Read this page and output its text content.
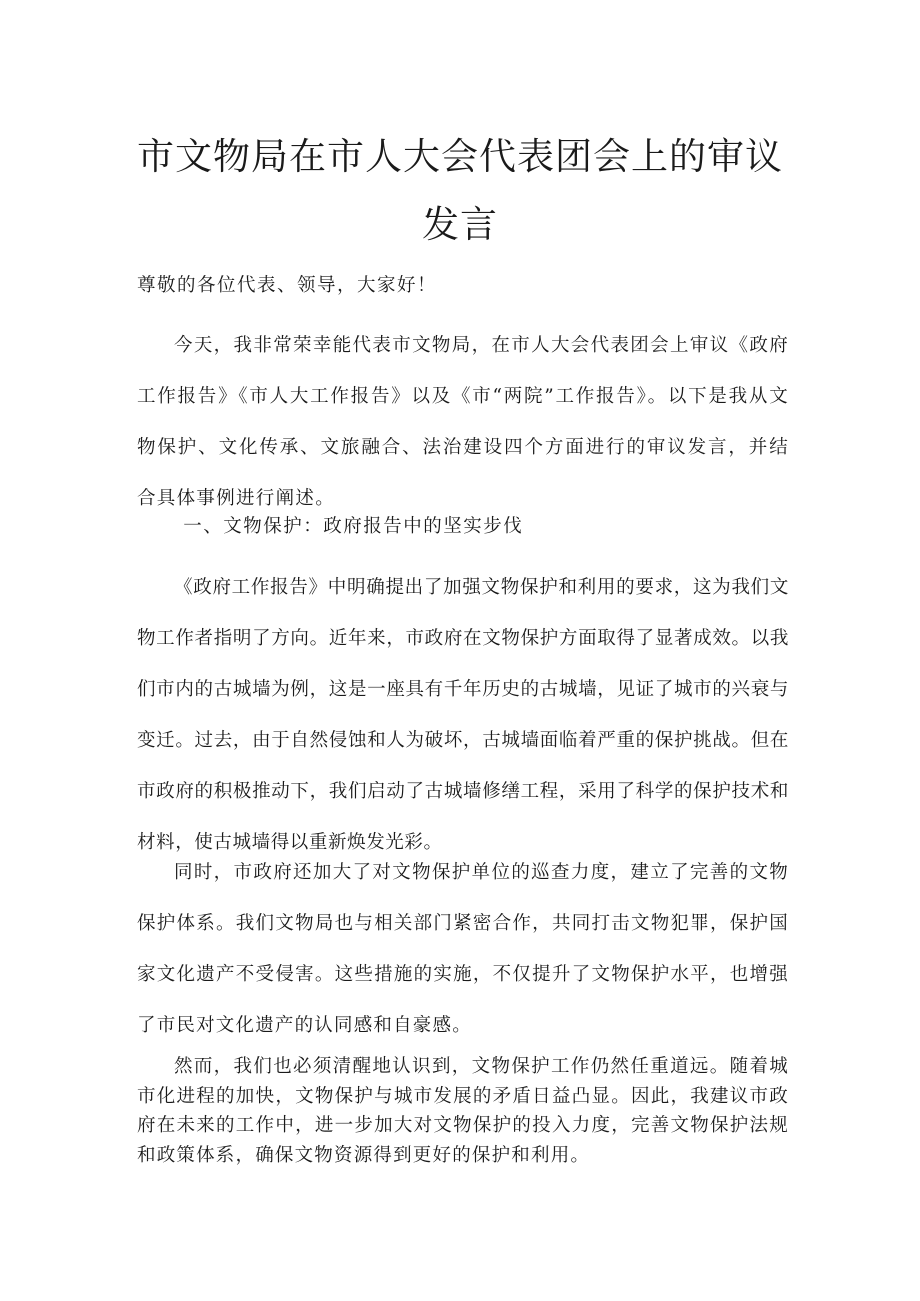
市文物局在市人大会代表团会上的审议
发言
尊敬的各位代表、领导，大家好！

今天，我非常荣幸能代表市文物局，在市人大会代表团会上审议《政府工作报告》《市人大工作报告》以及《市“两院”工作报告》。以下是我从文物保护、文化传承、文旅融合、法治建设四个方面进行的审议发言，并结合具体事例进行阐述。

一、文物保护：政府报告中的坚实步伐

《政府工作报告》中明确提出了加强文物保护和利用的要求，这为我们文物工作者指明了方向。近年来，市政府在文物保护方面取得了显著成效。以我们市内的古城墙为例，这是一座具有千年历史的古城墙，见证了城市的兴衰与变迁。过去，由于自然侵蚀和人为破坏，古城墙面临着严重的保护挑战。但在市政府的积极推动下，我们启动了古城墙修缮工程，采用了科学的保护技术和材料，使古城墙得以重新焕发光彩。

同时，市政府还加大了对文物保护单位的巡查力度，建立了完善的文物保护体系。我们文物局也与相关部门紧密合作，共同打击文物犯罪，保护国家文化遗产不受侵害。这些措施的实施，不仅提升了文物保护水平，也增强了市民对文化遗产的认同感和自豪感。

然而，我们也必须清醒地认识到，文物保护工作仍然任重道远。随着城市化进程的加快，文物保护与城市发展的矛盾日益凸显。因此，我建议市政府在未来的工作中，进一步加大对文物保护的投入力度，完善文物保护法规和政策体系，确保文物资源得到更好的保护和利用。
